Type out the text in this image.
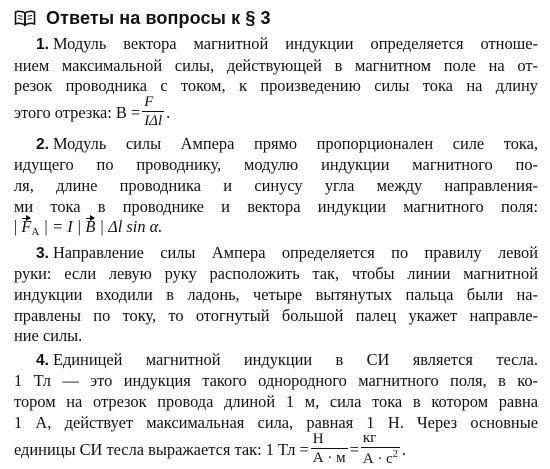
Ответы на вопросы к § 3
1. Модуль вектора магнитной индукции определяется отноше-
нием максимальной силы, действующей в магнитном поле на от-
резок проводника с током, к произведению силы тока на длину
этого отрезка: $B = \frac{F}{\text{IΔl}}$ .
2. Модуль силы Ампера прямо пропорционален силе тока,
идущего по проводнику, модулю индукции магнитного по-
ля, длине проводника и синусу угла между направления-
ми тока в проводнике и вектора индукции магнитного поля:
| $F_A$ | = I | B | Δl sin α.
3. Направление силы Ампера определяется по правилу левой
руки: если левую руку расположить так, чтобы линии магнитной
индукции входили в ладонь, четыре вытянутых пальца были на-
правлены по току, то отогнутый большой палец укажет направле-
ние силы.
4. Единицей магнитной индукции в СИ является тесла.
1 Тл — это индукция такого однородного магнитного поля, в ко-
тором на отрезок провода длиной 1 м, сила тока в котором равна
1 А, действует максимальная сила, равная 1 Н. Через основные
единицы СИ тесла выражается так: 1 Тл = $\frac{Н}{А \cdot м} = \frac{кг}{А \cdot с^2}$ .
